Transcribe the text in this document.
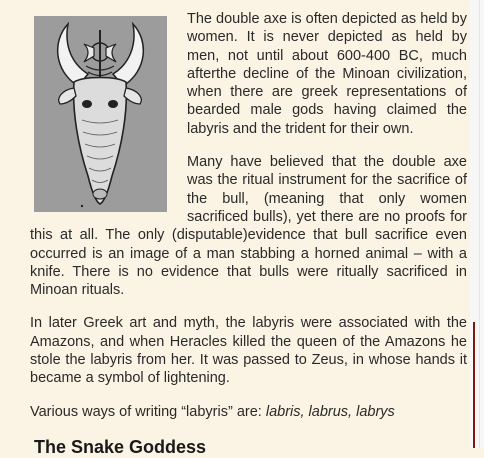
The double axe is often depicted as held by women. It is never depicted as held by men, not until about 600-400 BC, much afterthe decline of the Minoan civilization, when there are greek representations of bearded male gods having claimed the labyris and the trident for their own.

Many have believed that the double axe was the ritual instrument for the sacrifice of the bull, (meaning that only women sacrificed bulls), yet there are no proofs for this at all. The only (disputable)evidence that bull sacrifice even occurred is an image of a man stabbing a horned animal – with a knife. There is no evidence that bulls were ritually sacrificed in Minoan rituals.

In later Greek art and myth, the labyris were associated with the Amazons, and when Heracles killed the queen of the Amazons he stole the labyris from her. It was passed to Zeus, in whose hands it became a symbol of lightening.

Various ways of writing “labyris” are: labris, labrus, labrys

The Snake Goddess
